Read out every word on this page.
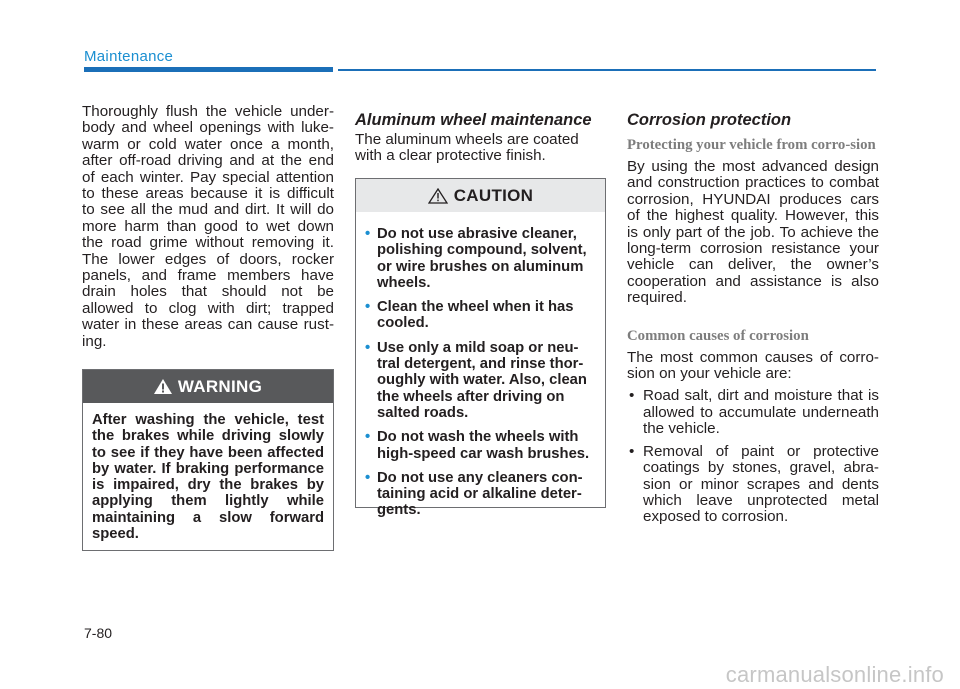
Maintenance

Thoroughly flush the vehicle under-body and wheel openings with luke-warm or cold water once a month, after off-road driving and at the end of each winter. Pay special attention to these areas because it is difficult to see all the mud and dirt. It will do more harm than good to wet down the road grime without removing it. The lower edges of doors, rocker panels, and frame members have drain holes that should not be allowed to clog with dirt; trapped water in these areas can cause rust-ing.

WARNING

After washing the vehicle, test the brakes while driving slowly to see if they have been affected by water. If braking performance is impaired, dry the brakes by applying them lightly while maintaining a slow forward speed.

Aluminum wheel maintenance

The aluminum wheels are coated with a clear protective finish.

CAUTION
• Do not use abrasive cleaner, polishing compound, solvent, or wire brushes on aluminum wheels.
• Clean the wheel when it has cooled.
• Use only a mild soap or neu-tral detergent, and rinse thor-oughly with water. Also, clean the wheels after driving on salted roads.
• Do not wash the wheels with high-speed car wash brushes.
• Do not use any cleaners con-taining acid or alkaline deter-gents.
Corrosion protection
Protecting your vehicle from corro-sion

By using the most advanced design and construction practices to combat corrosion, HYUNDAI produces cars of the highest quality. However, this is only part of the job. To achieve the long-term corrosion resistance your vehicle can deliver, the owner’s cooperation and assistance is also required.

Common causes of corrosion

The most common causes of corro-sion on your vehicle are:

• Road salt, dirt and moisture that is allowed to accumulate underneath the vehicle.
• Removal of paint or protective coatings by stones, gravel, abra-sion or minor scrapes and dents which leave unprotected metal exposed to corrosion.
7-80
carmanualsonline.info
